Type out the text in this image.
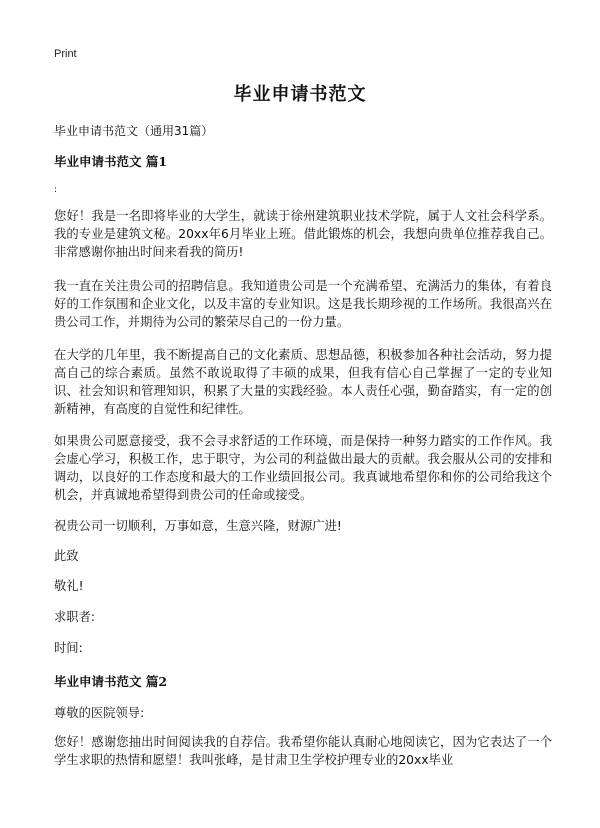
Print
毕业申请书范文
毕业申请书范文（通用31篇）
毕业申请书范文 篇1
:
您好！我是一名即将毕业的大学生，就读于徐州建筑职业技术学院，属于人文社会科学系。我的专业是建筑文秘。20xx年6月毕业上班。借此锻炼的机会，我想向贵单位推荐我自己。非常感谢你抽出时间来看我的简历!
我一直在关注贵公司的招聘信息。我知道贵公司是一个充满希望、充满活力的集体，有着良好的工作氛围和企业文化，以及丰富的专业知识。这是我长期珍视的工作场所。我很高兴在贵公司工作，并期待为公司的繁荣尽自己的一份力量。
在大学的几年里，我不断提高自己的文化素质、思想品德，积极参加各种社会活动，努力提高自己的综合素质。虽然不敢说取得了丰硕的成果，但我有信心自己掌握了一定的专业知识、社会知识和管理知识，积累了大量的实践经验。本人责任心强，勤奋踏实，有一定的创新精神，有高度的自觉性和纪律性。
如果贵公司愿意接受，我不会寻求舒适的工作环境，而是保持一种努力踏实的工作作风。我会虚心学习，积极工作，忠于职守，为公司的利益做出最大的贡献。我会服从公司的安排和调动，以良好的工作态度和最大的工作业绩回报公司。我真诚地希望你和你的公司给我这个机会，并真诚地希望得到贵公司的任命或接受。
祝贵公司一切顺利，万事如意，生意兴隆，财源广进!
此致
敬礼!
求职者:
时间:
毕业申请书范文 篇2
尊敬的医院领导:
您好！感谢您抽出时间阅读我的自荐信。我希望你能认真耐心地阅读它，因为它表达了一个学生求职的热情和愿望！我叫张峰，是甘肃卫生学校护理专业的20xx毕业
